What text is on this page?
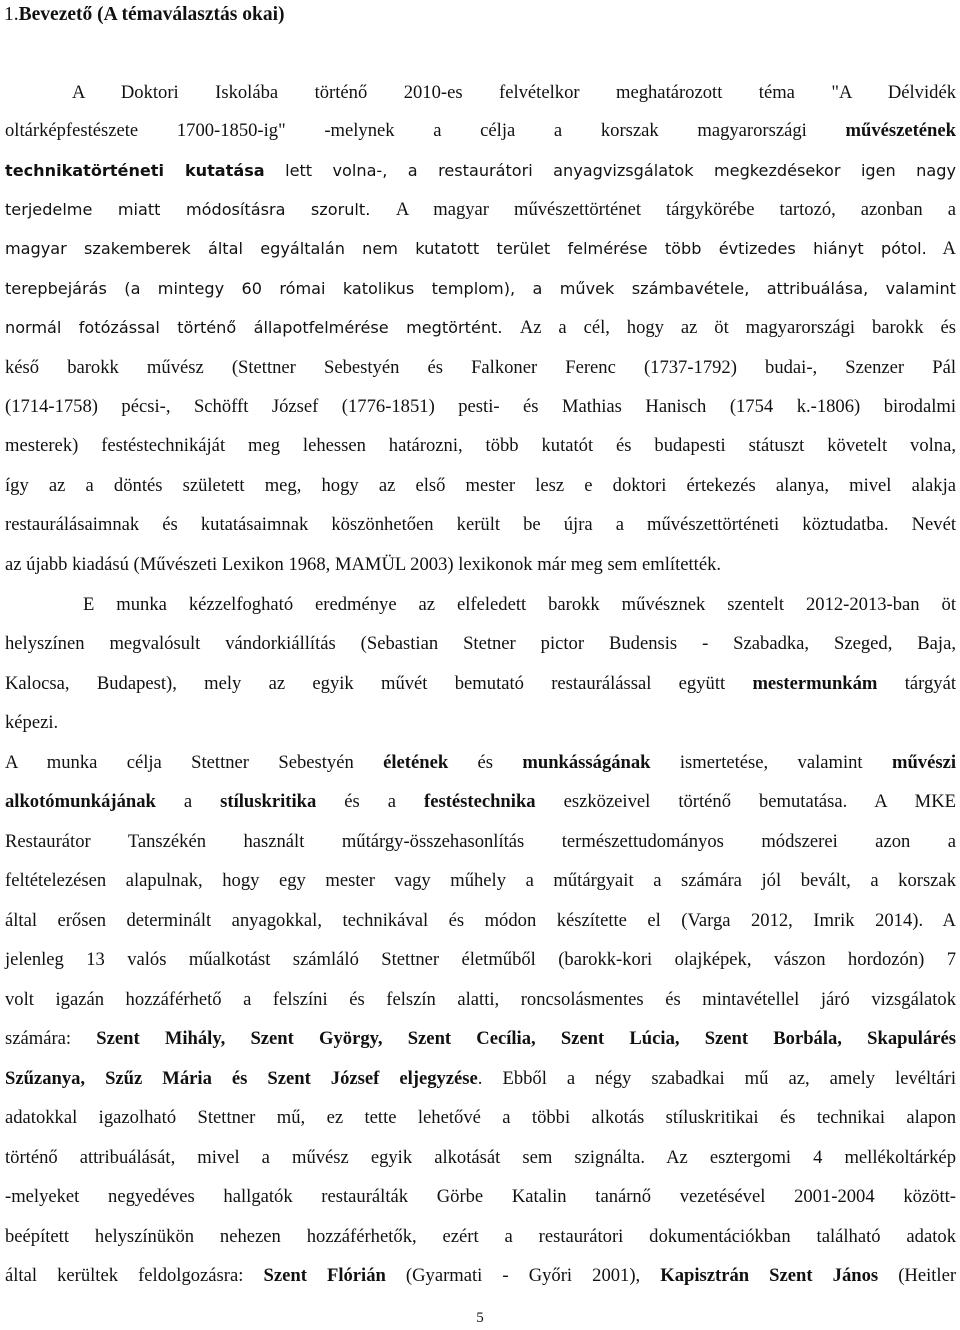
1.Bevezető (A témaválasztás okai)
A Doktori Iskolába történő 2010-es felvételkor meghatározott téma "A Délvidék
oltárképfestészete 1700-1850-ig" -melynek a célja a korszak magyarországi művészetének
technikatörténeti kutatása lett volna-, a restaurátori anyagvizsgálatok megkezdésekor igen nagy
terjedelme miatt módosításra szorult. A magyar művészettörténet tárgykörébe tartozó, azonban a
magyar szakemberek által egyáltalán nem kutatott terület felmérése több évtizedes hiányt pótol. A
terepbejárás (a mintegy 60 római katolikus templom), a művek számbavétele, attribuálása, valamint
normál fotózással történő állapotfelmérése megtörtént. Az a cél, hogy az öt magyarországi barokk és
késő barokk művész (Stettner Sebestyén és Falkoner Ferenc (1737-1792) budai-, Szenzer Pál
(1714-1758) pécsi-, Schöfft József (1776-1851) pesti- és Mathias Hanisch (1754 k.-1806) birodalmi
mesterek) festéstechnikáját meg lehessen határozni, több kutatót és budapesti státuszt követelt volna,
így az a döntés született meg, hogy az első mester lesz e doktori értekezés alanya, mivel alakja
restaurálásaimnak és kutatásaimnak köszönhetően került be újra a művészettörténeti köztudatba. Nevét
az újabb kiadású (Művészeti Lexikon 1968, MAMÜL 2003) lexikonok már meg sem említették.
E munka kézzelfogható eredménye az elfeledett barokk művésznek szentelt 2012-2013-ban öt
helyszínen megvalósult vándorkiállítás (Sebastian Stetner pictor Budensis - Szabadka, Szeged, Baja,
Kalocsa, Budapest), mely az egyik művét bemutató restaurálással együtt mestermunkám tárgyát
képezi.
A munka célja Stettner Sebestyén életének és munkásságának ismertetése, valamint művészi
alkotómunkájának a stíluskritika és a festéstechnika eszközeivel történő bemutatása. A MKE
Restaurátor Tanszékén használt műtárgy-összehasonlítás természettudományos módszerei azon a
feltételezésen alapulnak, hogy egy mester vagy műhely a műtárgyait a számára jól bevált, a korszak
által erősen determinált anyagokkal, technikával és módon készítette el (Varga 2012, Imrik 2014). A
jelenleg 13 valós műalkotást számláló Stettner életműből (barokk-kori olajképek, vászon hordozón) 7
volt igazán hozzáférhető a felszíni és felszín alatti, roncsolásmentes és mintavétellel járó vizsgálatok
számára: Szent Mihály, Szent György, Szent Cecília, Szent Lúcia, Szent Borbála, Skapulárés
Szűzanya, Szűz Mária és Szent József eljegyzése. Ebből a négy szabadkai mű az, amely levéltári
adatokkal igazolható Stettner mű, ez tette lehetővé a többi alkotás stíluskritikai és technikai alapon
történő attribuálását, mivel a művész egyik alkotását sem szignálta. Az esztergomi 4 mellékoltárkép
-melyeket negyedéves hallgatók restaurálták Görbe Katalin tanárnő vezetésével 2001-2004 között-
beépített helyszínükön nehezen hozzáférhetők, ezért a restaurátori dokumentációkban található adatok
által kerültek feldolgozásra: Szent Flórián (Gyarmati - Győri 2001), Kapisztrán Szent János (Heitler
5
